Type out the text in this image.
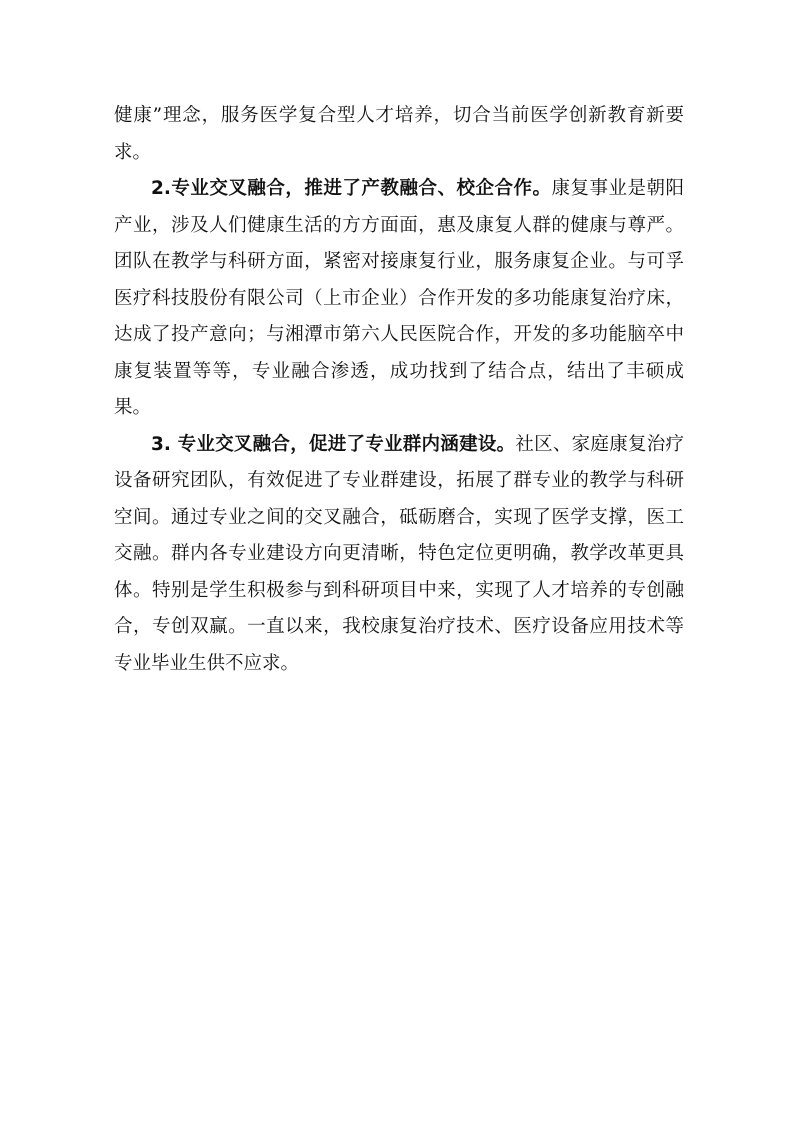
健康”理念，服务医学复合型人才培养，切合当前医学创新教育新要求。

2.专业交叉融合，推进了产教融合、校企合作。康复事业是朝阳产业，涉及人们健康生活的方方面面，惠及康复人群的健康与尊严。团队在教学与科研方面，紧密对接康复行业，服务康复企业。与可孚医疗科技股份有限公司（上市企业）合作开发的多功能康复治疗床，达成了投产意向；与湘潭市第六人民医院合作，开发的多功能脑卒中康复装置等等，专业融合渗透，成功找到了结合点，结出了丰硕成果。

3. 专业交叉融合，促进了专业群内涵建设。社区、家庭康复治疗设备研究团队，有效促进了专业群建设，拓展了群专业的教学与科研空间。通过专业之间的交叉融合，砥砺磨合，实现了医学支撑，医工交融。群内各专业建设方向更清晰，特色定位更明确，教学改革更具体。特别是学生积极参与到科研项目中来，实现了人才培养的专创融合，专创双赢。一直以来，我校康复治疗技术、医疗设备应用技术等专业毕业生供不应求。
